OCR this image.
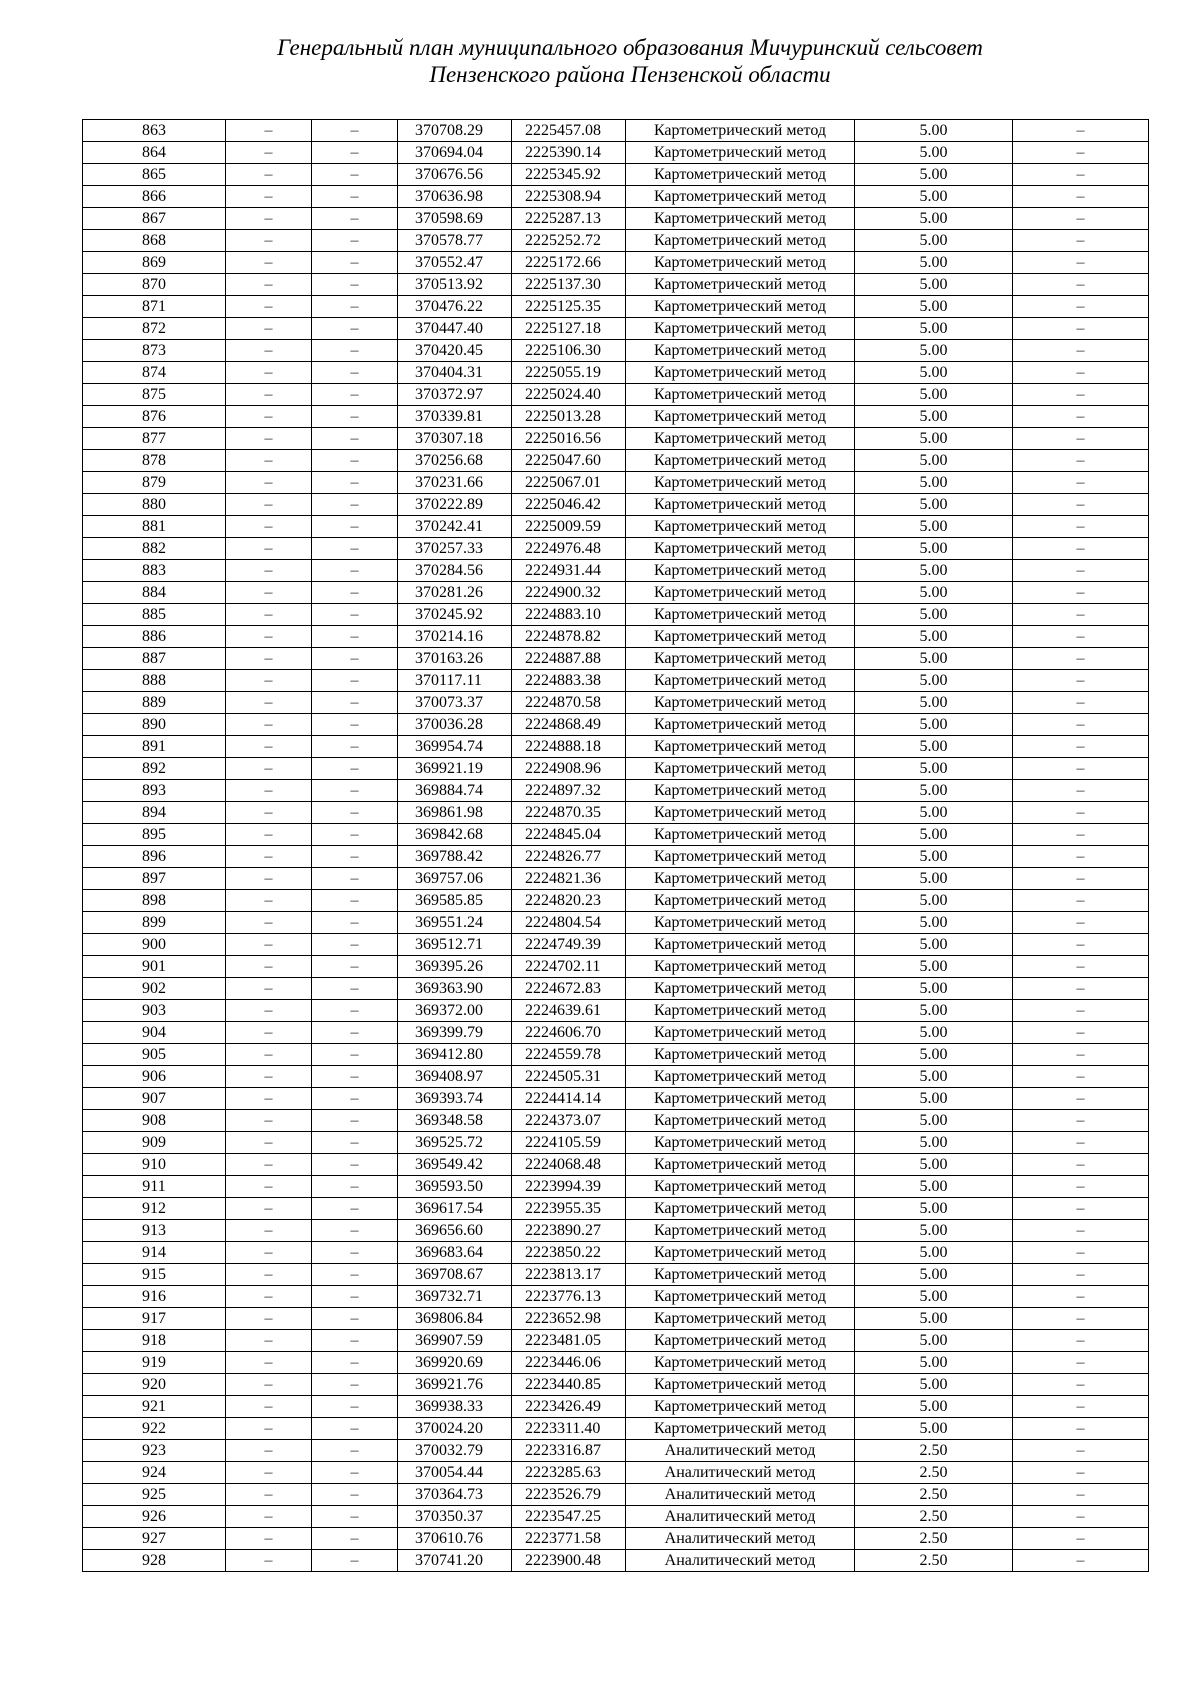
Генеральный план муниципального образования Мичуринский сельсовет
Пензенского района Пензенской области
863	–	–	370708.29	2225457.08	Картометрический метод	5.00	–
864	–	–	370694.04	2225390.14	Картометрический метод	5.00	–
865	–	–	370676.56	2225345.92	Картометрический метод	5.00	–
866	–	–	370636.98	2225308.94	Картометрический метод	5.00	–
867	–	–	370598.69	2225287.13	Картометрический метод	5.00	–
868	–	–	370578.77	2225252.72	Картометрический метод	5.00	–
869	–	–	370552.47	2225172.66	Картометрический метод	5.00	–
870	–	–	370513.92	2225137.30	Картометрический метод	5.00	–
871	–	–	370476.22	2225125.35	Картометрический метод	5.00	–
872	–	–	370447.40	2225127.18	Картометрический метод	5.00	–
873	–	–	370420.45	2225106.30	Картометрический метод	5.00	–
874	–	–	370404.31	2225055.19	Картометрический метод	5.00	–
875	–	–	370372.97	2225024.40	Картометрический метод	5.00	–
876	–	–	370339.81	2225013.28	Картометрический метод	5.00	–
877	–	–	370307.18	2225016.56	Картометрический метод	5.00	–
878	–	–	370256.68	2225047.60	Картометрический метод	5.00	–
879	–	–	370231.66	2225067.01	Картометрический метод	5.00	–
880	–	–	370222.89	2225046.42	Картометрический метод	5.00	–
881	–	–	370242.41	2225009.59	Картометрический метод	5.00	–
882	–	–	370257.33	2224976.48	Картометрический метод	5.00	–
883	–	–	370284.56	2224931.44	Картометрический метод	5.00	–
884	–	–	370281.26	2224900.32	Картометрический метод	5.00	–
885	–	–	370245.92	2224883.10	Картометрический метод	5.00	–
886	–	–	370214.16	2224878.82	Картометрический метод	5.00	–
887	–	–	370163.26	2224887.88	Картометрический метод	5.00	–
888	–	–	370117.11	2224883.38	Картометрический метод	5.00	–
889	–	–	370073.37	2224870.58	Картометрический метод	5.00	–
890	–	–	370036.28	2224868.49	Картометрический метод	5.00	–
891	–	–	369954.74	2224888.18	Картометрический метод	5.00	–
892	–	–	369921.19	2224908.96	Картометрический метод	5.00	–
893	–	–	369884.74	2224897.32	Картометрический метод	5.00	–
894	–	–	369861.98	2224870.35	Картометрический метод	5.00	–
895	–	–	369842.68	2224845.04	Картометрический метод	5.00	–
896	–	–	369788.42	2224826.77	Картометрический метод	5.00	–
897	–	–	369757.06	2224821.36	Картометрический метод	5.00	–
898	–	–	369585.85	2224820.23	Картометрический метод	5.00	–
899	–	–	369551.24	2224804.54	Картометрический метод	5.00	–
900	–	–	369512.71	2224749.39	Картометрический метод	5.00	–
901	–	–	369395.26	2224702.11	Картометрический метод	5.00	–
902	–	–	369363.90	2224672.83	Картометрический метод	5.00	–
903	–	–	369372.00	2224639.61	Картометрический метод	5.00	–
904	–	–	369399.79	2224606.70	Картометрический метод	5.00	–
905	–	–	369412.80	2224559.78	Картометрический метод	5.00	–
906	–	–	369408.97	2224505.31	Картометрический метод	5.00	–
907	–	–	369393.74	2224414.14	Картометрический метод	5.00	–
908	–	–	369348.58	2224373.07	Картометрический метод	5.00	–
909	–	–	369525.72	2224105.59	Картометрический метод	5.00	–
910	–	–	369549.42	2224068.48	Картометрический метод	5.00	–
911	–	–	369593.50	2223994.39	Картометрический метод	5.00	–
912	–	–	369617.54	2223955.35	Картометрический метод	5.00	–
913	–	–	369656.60	2223890.27	Картометрический метод	5.00	–
914	–	–	369683.64	2223850.22	Картометрический метод	5.00	–
915	–	–	369708.67	2223813.17	Картометрический метод	5.00	–
916	–	–	369732.71	2223776.13	Картометрический метод	5.00	–
917	–	–	369806.84	2223652.98	Картометрический метод	5.00	–
918	–	–	369907.59	2223481.05	Картометрический метод	5.00	–
919	–	–	369920.69	2223446.06	Картометрический метод	5.00	–
920	–	–	369921.76	2223440.85	Картометрический метод	5.00	–
921	–	–	369938.33	2223426.49	Картометрический метод	5.00	–
922	–	–	370024.20	2223311.40	Картометрический метод	5.00	–
923	–	–	370032.79	2223316.87	Аналитический метод	2.50	–
924	–	–	370054.44	2223285.63	Аналитический метод	2.50	–
925	–	–	370364.73	2223526.79	Аналитический метод	2.50	–
926	–	–	370350.37	2223547.25	Аналитический метод	2.50	–
927	–	–	370610.76	2223771.58	Аналитический метод	2.50	–
928	–	–	370741.20	2223900.48	Аналитический метод	2.50	–
